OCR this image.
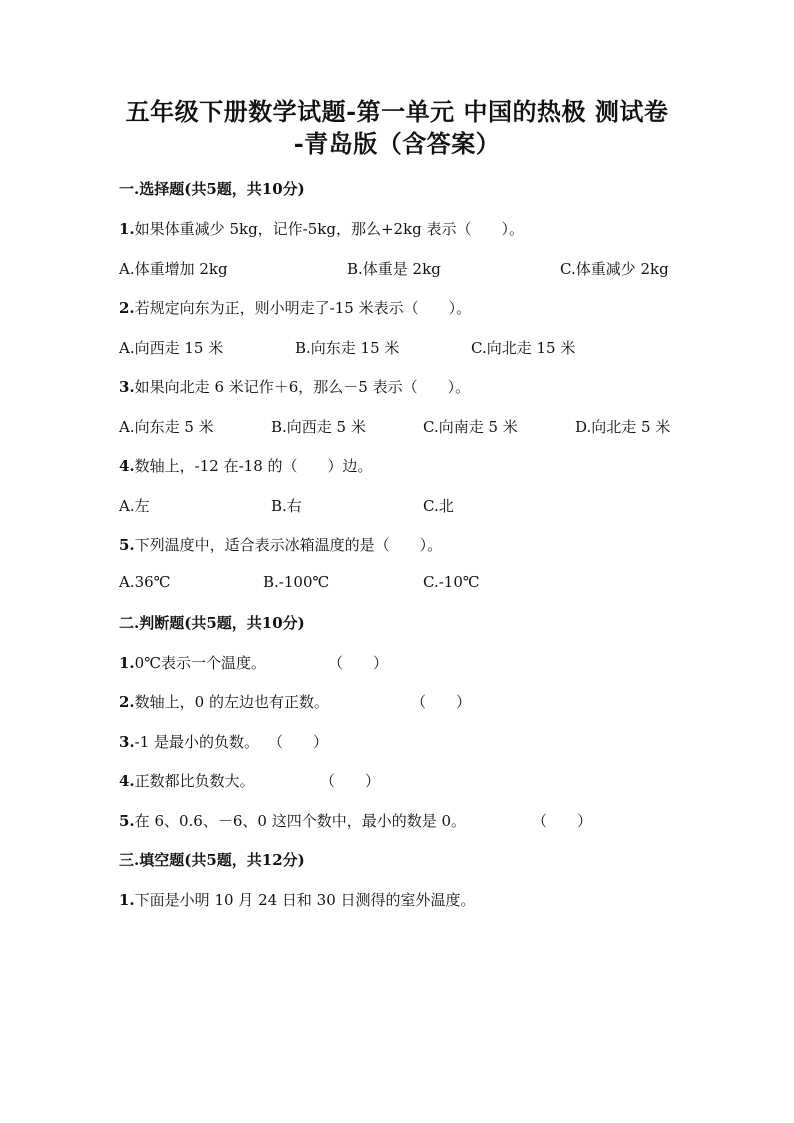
五年级下册数学试题-第一单元 中国的热极 测试卷
-青岛版（含答案）
一.选择题(共5题，共10分)
1.如果体重减少 5kg，记作-5kg，那么+2kg 表示（　　）。
A.体重增加 2kg	B.体重是 2kg	C.体重减少 2kg
2.若规定向东为正，则小明走了-15 米表示（　　）。
A.向西走 15 米	B.向东走 15 米	C.向北走 15 米
3.如果向北走 6 米记作＋6，那么－5 表示（　　）。
A.向东走 5 米	B.向西走 5 米	C.向南走 5 米	D.向北走 5 米
4.数轴上，-12 在-18 的（　　）边。
A.左	B.右	C.北
5.下列温度中，适合表示冰箱温度的是（　　）。
A.36℃	B.-100℃	C.-10℃
二.判断题(共5题，共10分)
1.0℃表示一个温度。	（　　）
2.数轴上，0 的左边也有正数。	（　　）
3.-1 是最小的负数。 （　　）
4.正数都比负数大。	（　　）
5.在 6、0.6、－6、0 这四个数中，最小的数是 0。	（　　）
三.填空题(共5题，共12分)
1.下面是小明 10 月 24 日和 30 日测得的室外温度。
